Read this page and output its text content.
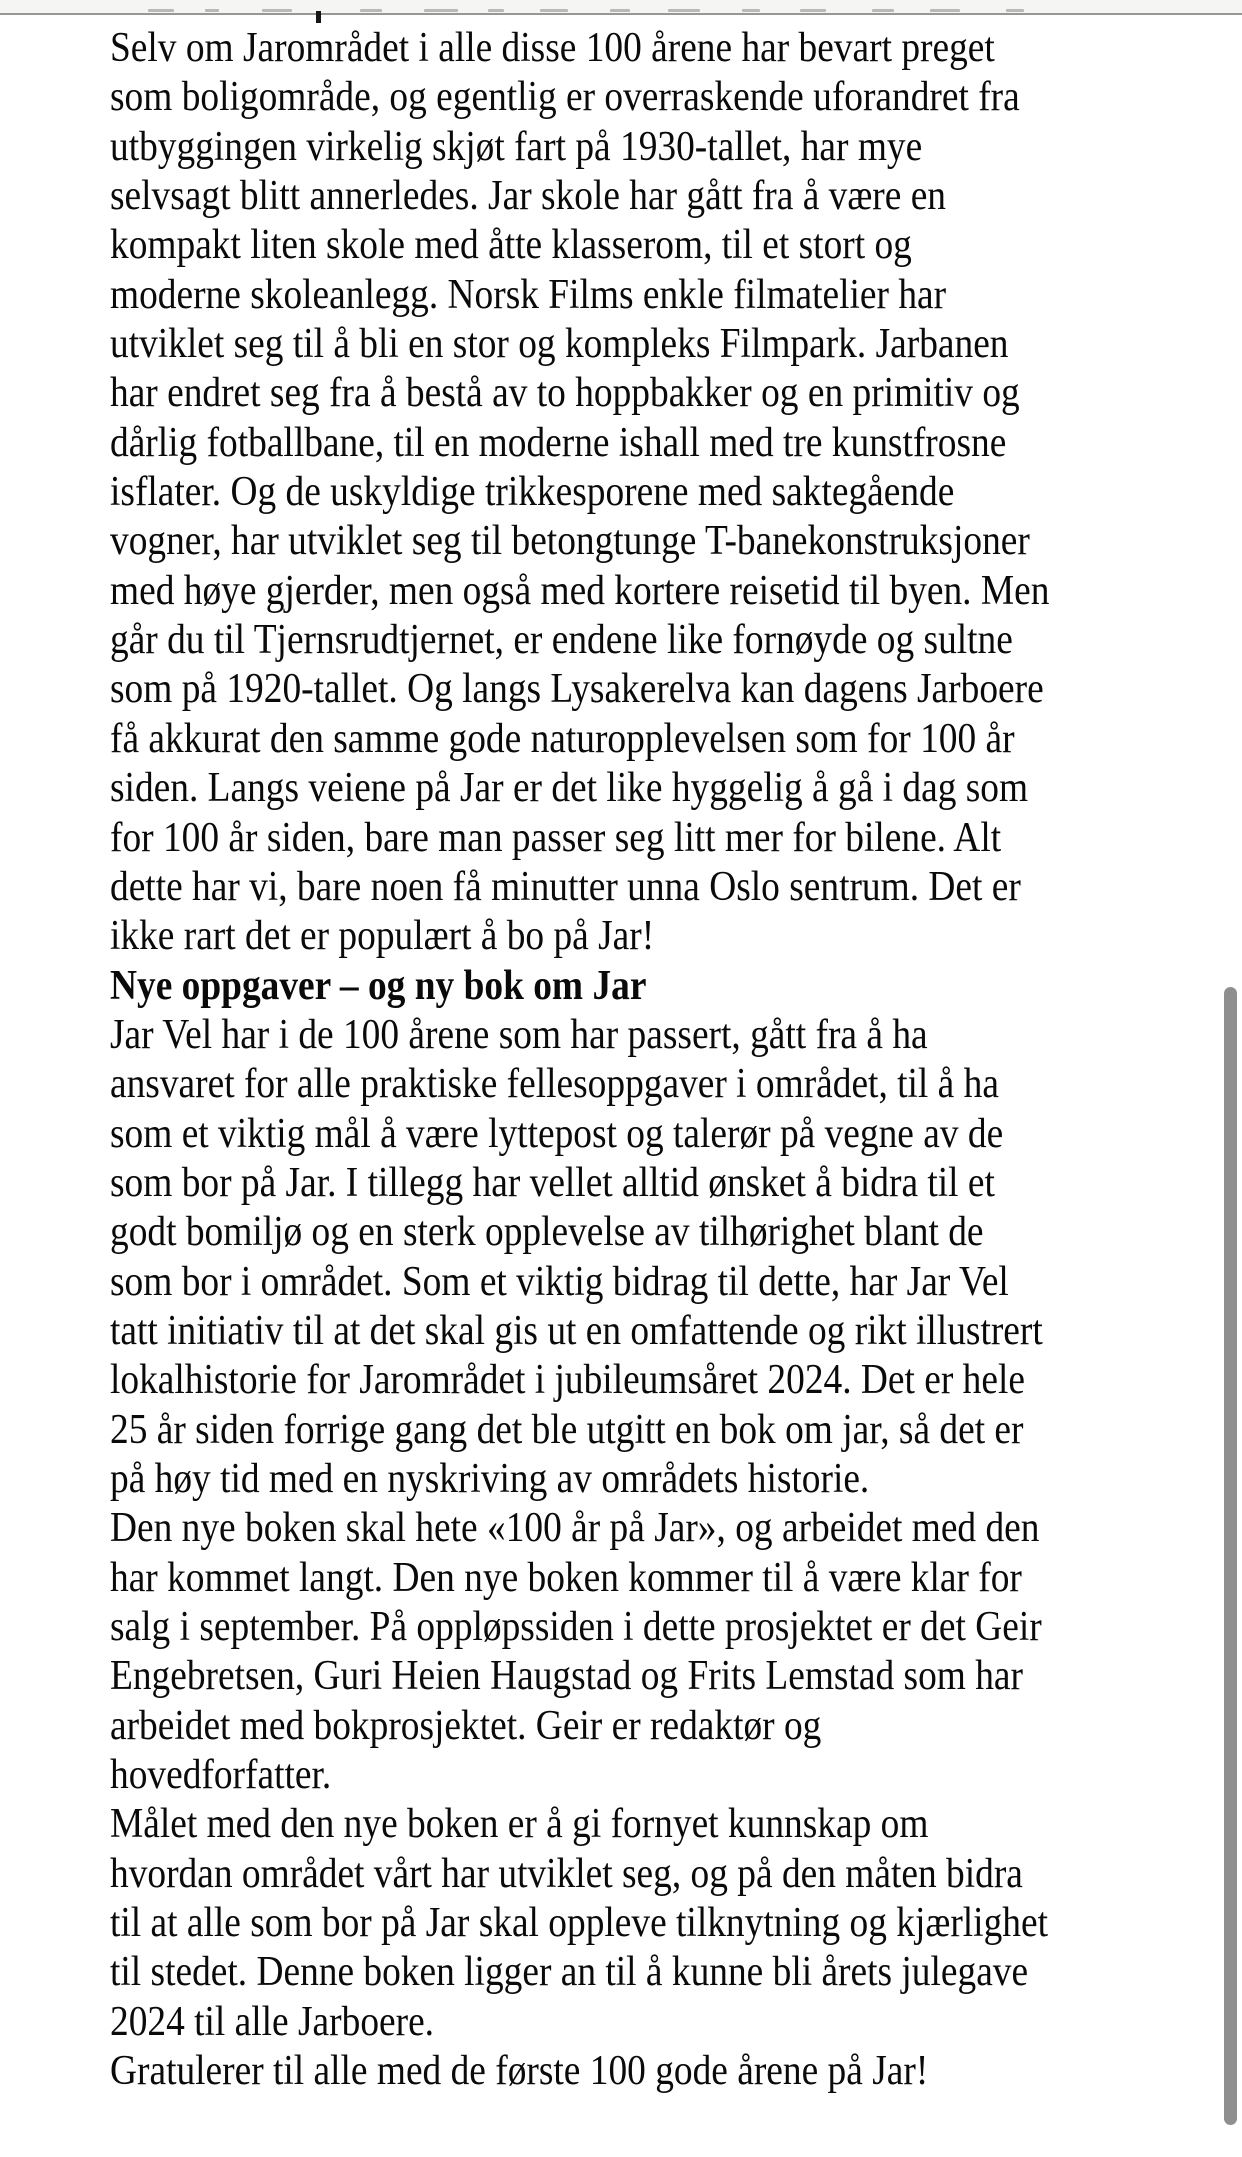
Selv om Jarområdet i alle disse 100 årene har bevart preget
som boligområde, og egentlig er overraskende uforandret fra
utbyggingen virkelig skjøt fart på 1930-tallet, har mye
selvsagt blitt annerledes. Jar skole har gått fra å være en
kompakt liten skole med åtte klasserom, til et stort og
moderne skoleanlegg. Norsk Films enkle filmatelier har
utviklet seg til å bli en stor og kompleks Filmpark. Jarbanen
har endret seg fra å bestå av to hoppbakker og en primitiv og
dårlig fotballbane, til en moderne ishall med tre kunstfrosne
isflater. Og de uskyldige trikkesporene med saktegående
vogner, har utviklet seg til betongtunge T-banekonstruksjoner
med høye gjerder, men også med kortere reisetid til byen. Men
går du til Tjernsrudtjernet, er endene like fornøyde og sultne
som på 1920-tallet. Og langs Lysakerelva kan dagens Jarboere
få akkurat den samme gode naturopplevelsen som for 100 år
siden. Langs veiene på Jar er det like hyggelig å gå i dag som
for 100 år siden, bare man passer seg litt mer for bilene. Alt
dette har vi, bare noen få minutter unna Oslo sentrum. Det er
ikke rart det er populært å bo på Jar!
Nye oppgaver – og ny bok om Jar
Jar Vel har i de 100 årene som har passert, gått fra å ha
ansvaret for alle praktiske fellesoppgaver i området, til å ha
som et viktig mål å være lyttepost og talerør på vegne av de
som bor på Jar. I tillegg har vellet alltid ønsket å bidra til et
godt bomiljø og en sterk opplevelse av tilhørighet blant de
som bor i området. Som et viktig bidrag til dette, har Jar Vel
tatt initiativ til at det skal gis ut en omfattende og rikt illustrert
lokalhistorie for Jarområdet i jubileumsåret 2024. Det er hele
25 år siden forrige gang det ble utgitt en bok om jar, så det er
på høy tid med en nyskriving av områdets historie.
Den nye boken skal hete «100 år på Jar», og arbeidet med den
har kommet langt. Den nye boken kommer til å være klar for
salg i september. På oppløpssiden i dette prosjektet er det Geir
Engebretsen, Guri Heien Haugstad og Frits Lemstad som har
arbeidet med bokprosjektet. Geir er redaktør og
hovedforfatter.
Målet med den nye boken er å gi fornyet kunnskap om
hvordan området vårt har utviklet seg, og på den måten bidra
til at alle som bor på Jar skal oppleve tilknytning og kjærlighet
til stedet. Denne boken ligger an til å kunne bli årets julegave
2024 til alle Jarboere.
Gratulerer til alle med de første 100 gode årene på Jar!
